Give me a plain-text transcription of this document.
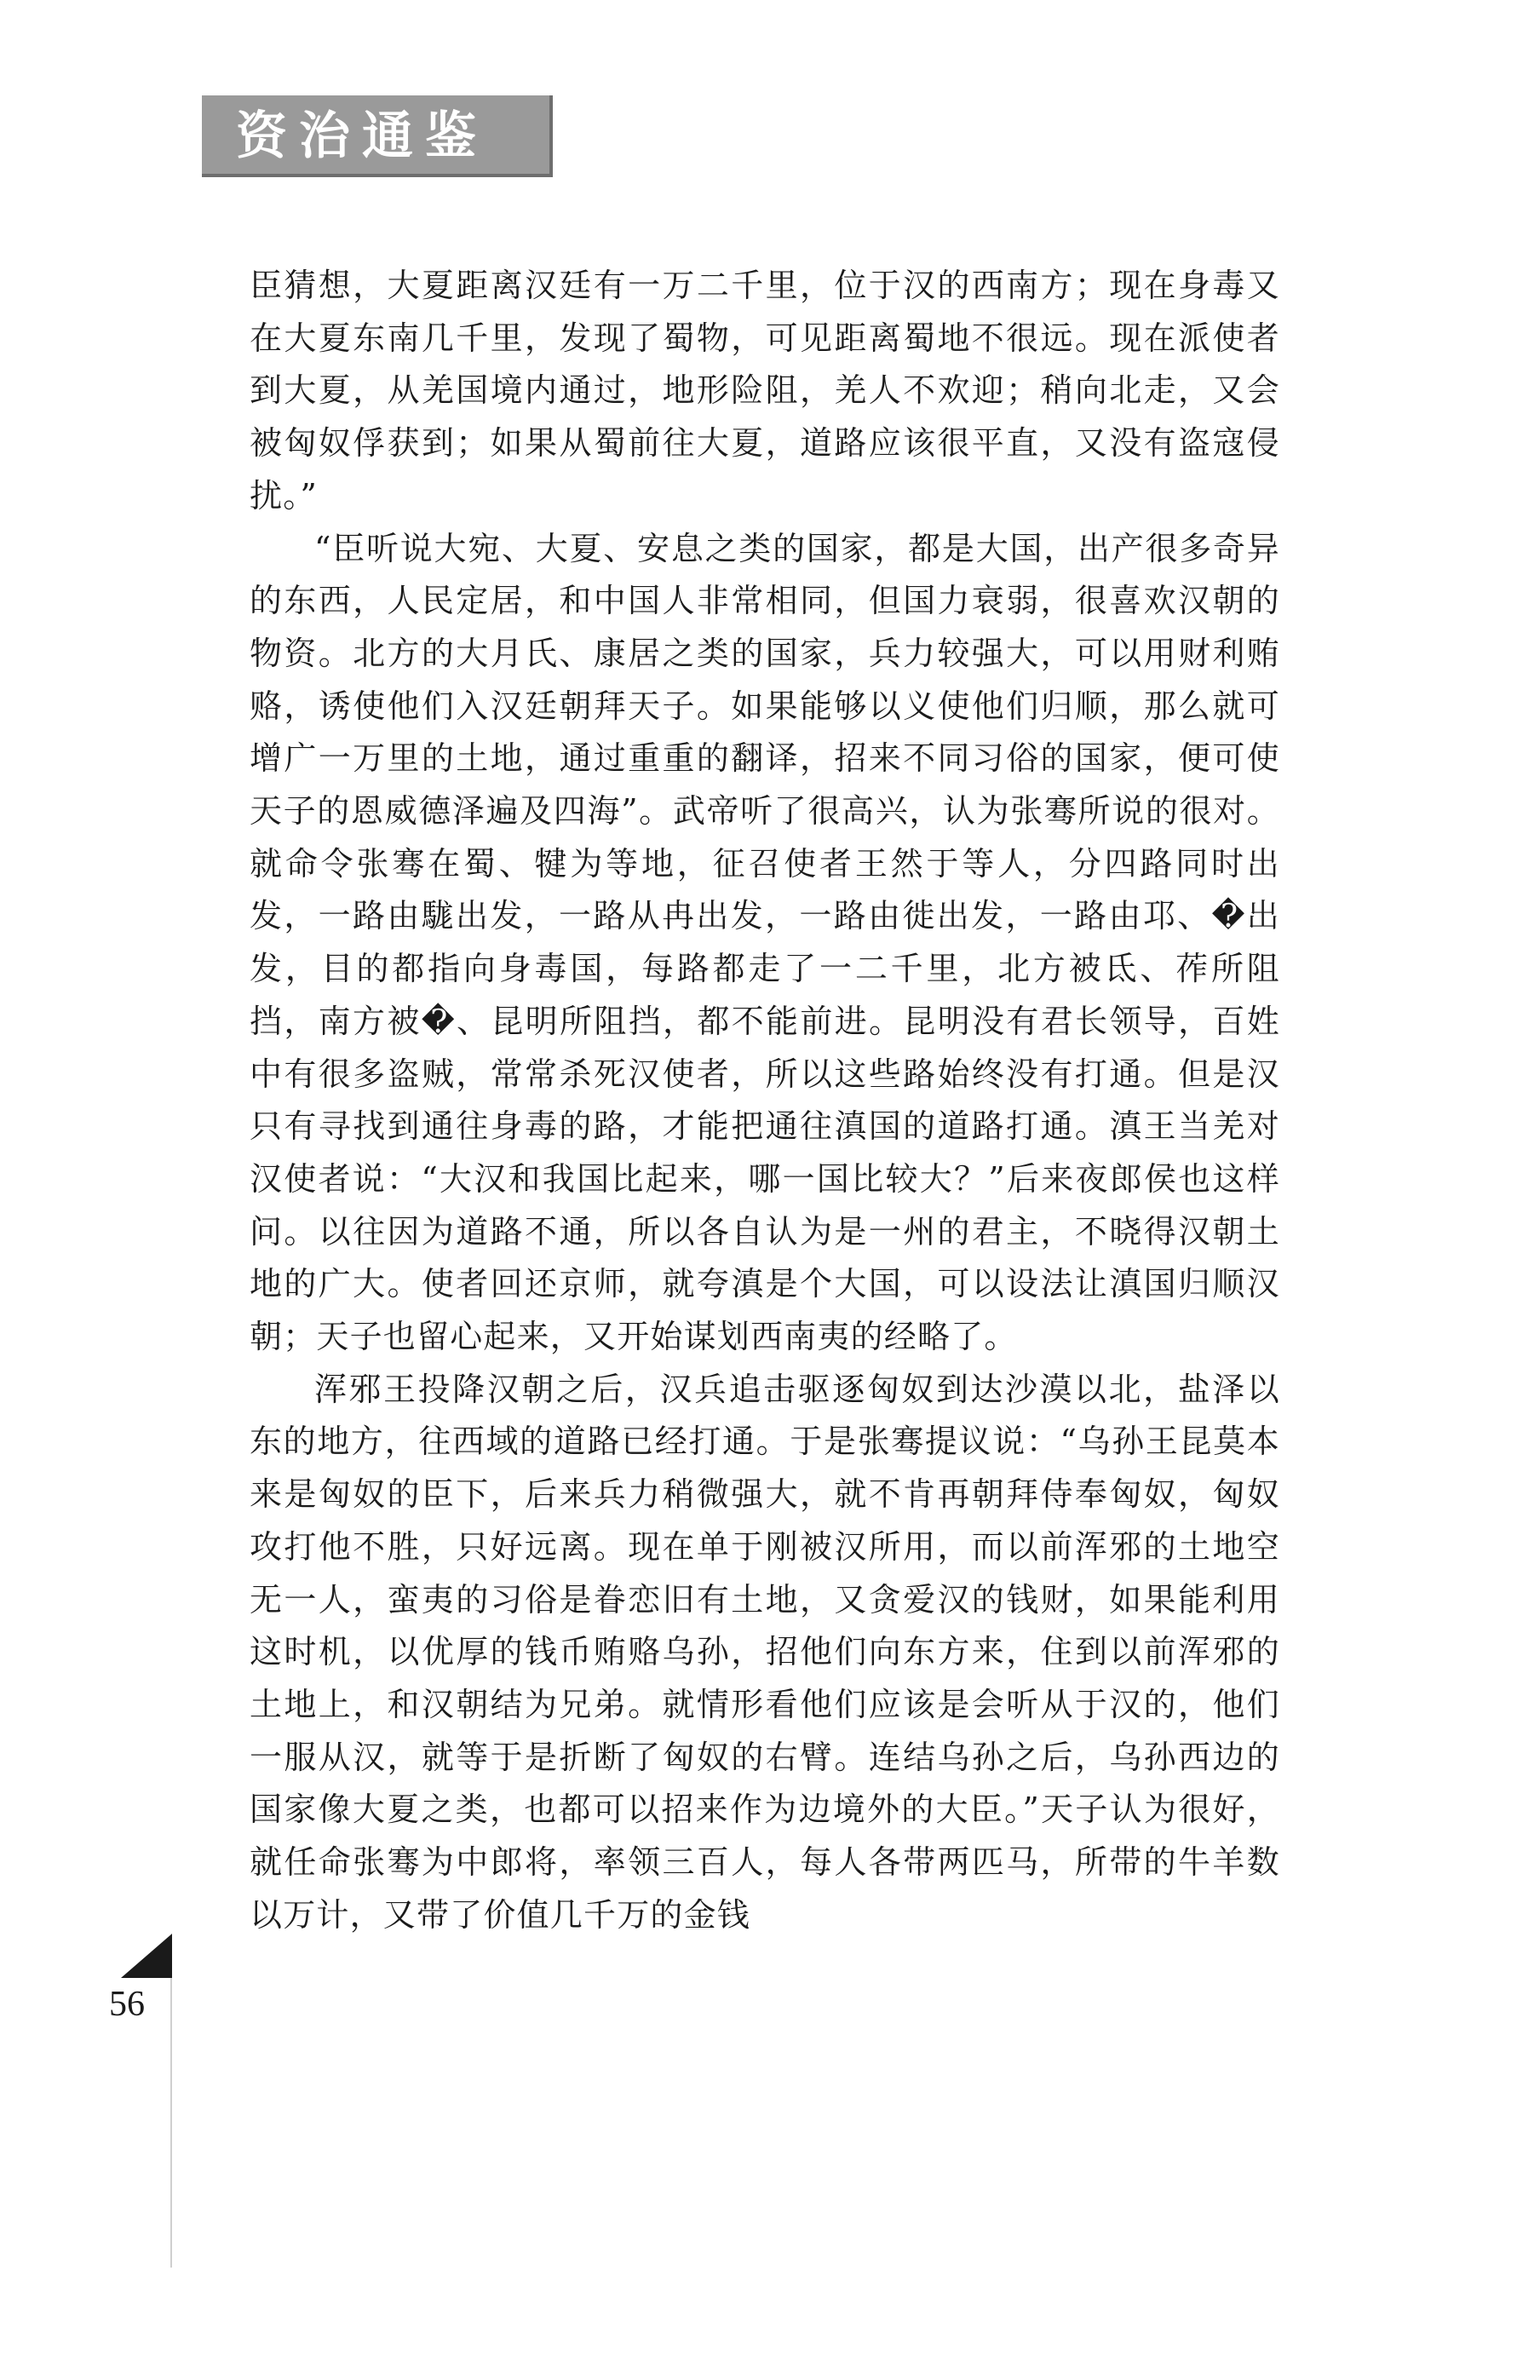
资治通鉴

臣猜想，大夏距离汉廷有一万二千里，位于汉的西南方；现在身毒又在大夏东南几千里，发现了蜀物，可见距离蜀地不很远。现在派使者到大夏，从羌国境内通过，地形险阻，羌人不欢迎；稍向北走，又会被匈奴俘获到；如果从蜀前往大夏，道路应该很平直，又没有盗寇侵扰。”

“臣听说大宛、大夏、安息之类的国家，都是大国，出产很多奇异的东西，人民定居，和中国人非常相同，但国力衰弱，很喜欢汉朝的物资。北方的大月氏、康居之类的国家，兵力较强大，可以用财利贿赂，诱使他们入汉廷朝拜天子。如果能够以义使他们归顺，那么就可增广一万里的土地，通过重重的翻译，招来不同习俗的国家，便可使天子的恩威德泽遍及四海”。武帝听了很高兴，认为张骞所说的很对。就命令张骞在蜀、犍为等地，征召使者王然于等人，分四路同时出发，一路由駹出发，一路从冉出发，一路由徙出发，一路由邛、�出发，目的都指向身毒国，每路都走了一二千里，北方被氐、莋所阻挡，南方被�、昆明所阻挡，都不能前进。昆明没有君长领导，百姓中有很多盗贼，常常杀死汉使者，所以这些路始终没有打通。但是汉只有寻找到通往身毒的路，才能把通往滇国的道路打通。滇王当羌对汉使者说：“大汉和我国比起来，哪一国比较大？”后来夜郎侯也这样问。以往因为道路不通，所以各自认为是一州的君主，不晓得汉朝土地的广大。使者回还京师，就夸滇是个大国，可以设法让滇国归顺汉朝；天子也留心起来，又开始谋划西南夷的经略了。

浑邪王投降汉朝之后，汉兵追击驱逐匈奴到达沙漠以北，盐泽以东的地方，往西域的道路已经打通。于是张骞提议说：“乌孙王昆莫本来是匈奴的臣下，后来兵力稍微强大，就不肯再朝拜侍奉匈奴，匈奴攻打他不胜，只好远离。现在单于刚被汉所用，而以前浑邪的土地空无一人，蛮夷的习俗是眷恋旧有土地，又贪爱汉的钱财，如果能利用这时机，以优厚的钱币贿赂乌孙，招他们向东方来，住到以前浑邪的土地上，和汉朝结为兄弟。就情形看他们应该是会听从于汉的，他们一服从汉，就等于是折断了匈奴的右臂。连结乌孙之后，乌孙西边的国家像大夏之类，也都可以招来作为边境外的大臣。”天子认为很好，就任命张骞为中郎将，率领三百人，每人各带两匹马，所带的牛羊数以万计，又带了价值几千万的金钱

56
